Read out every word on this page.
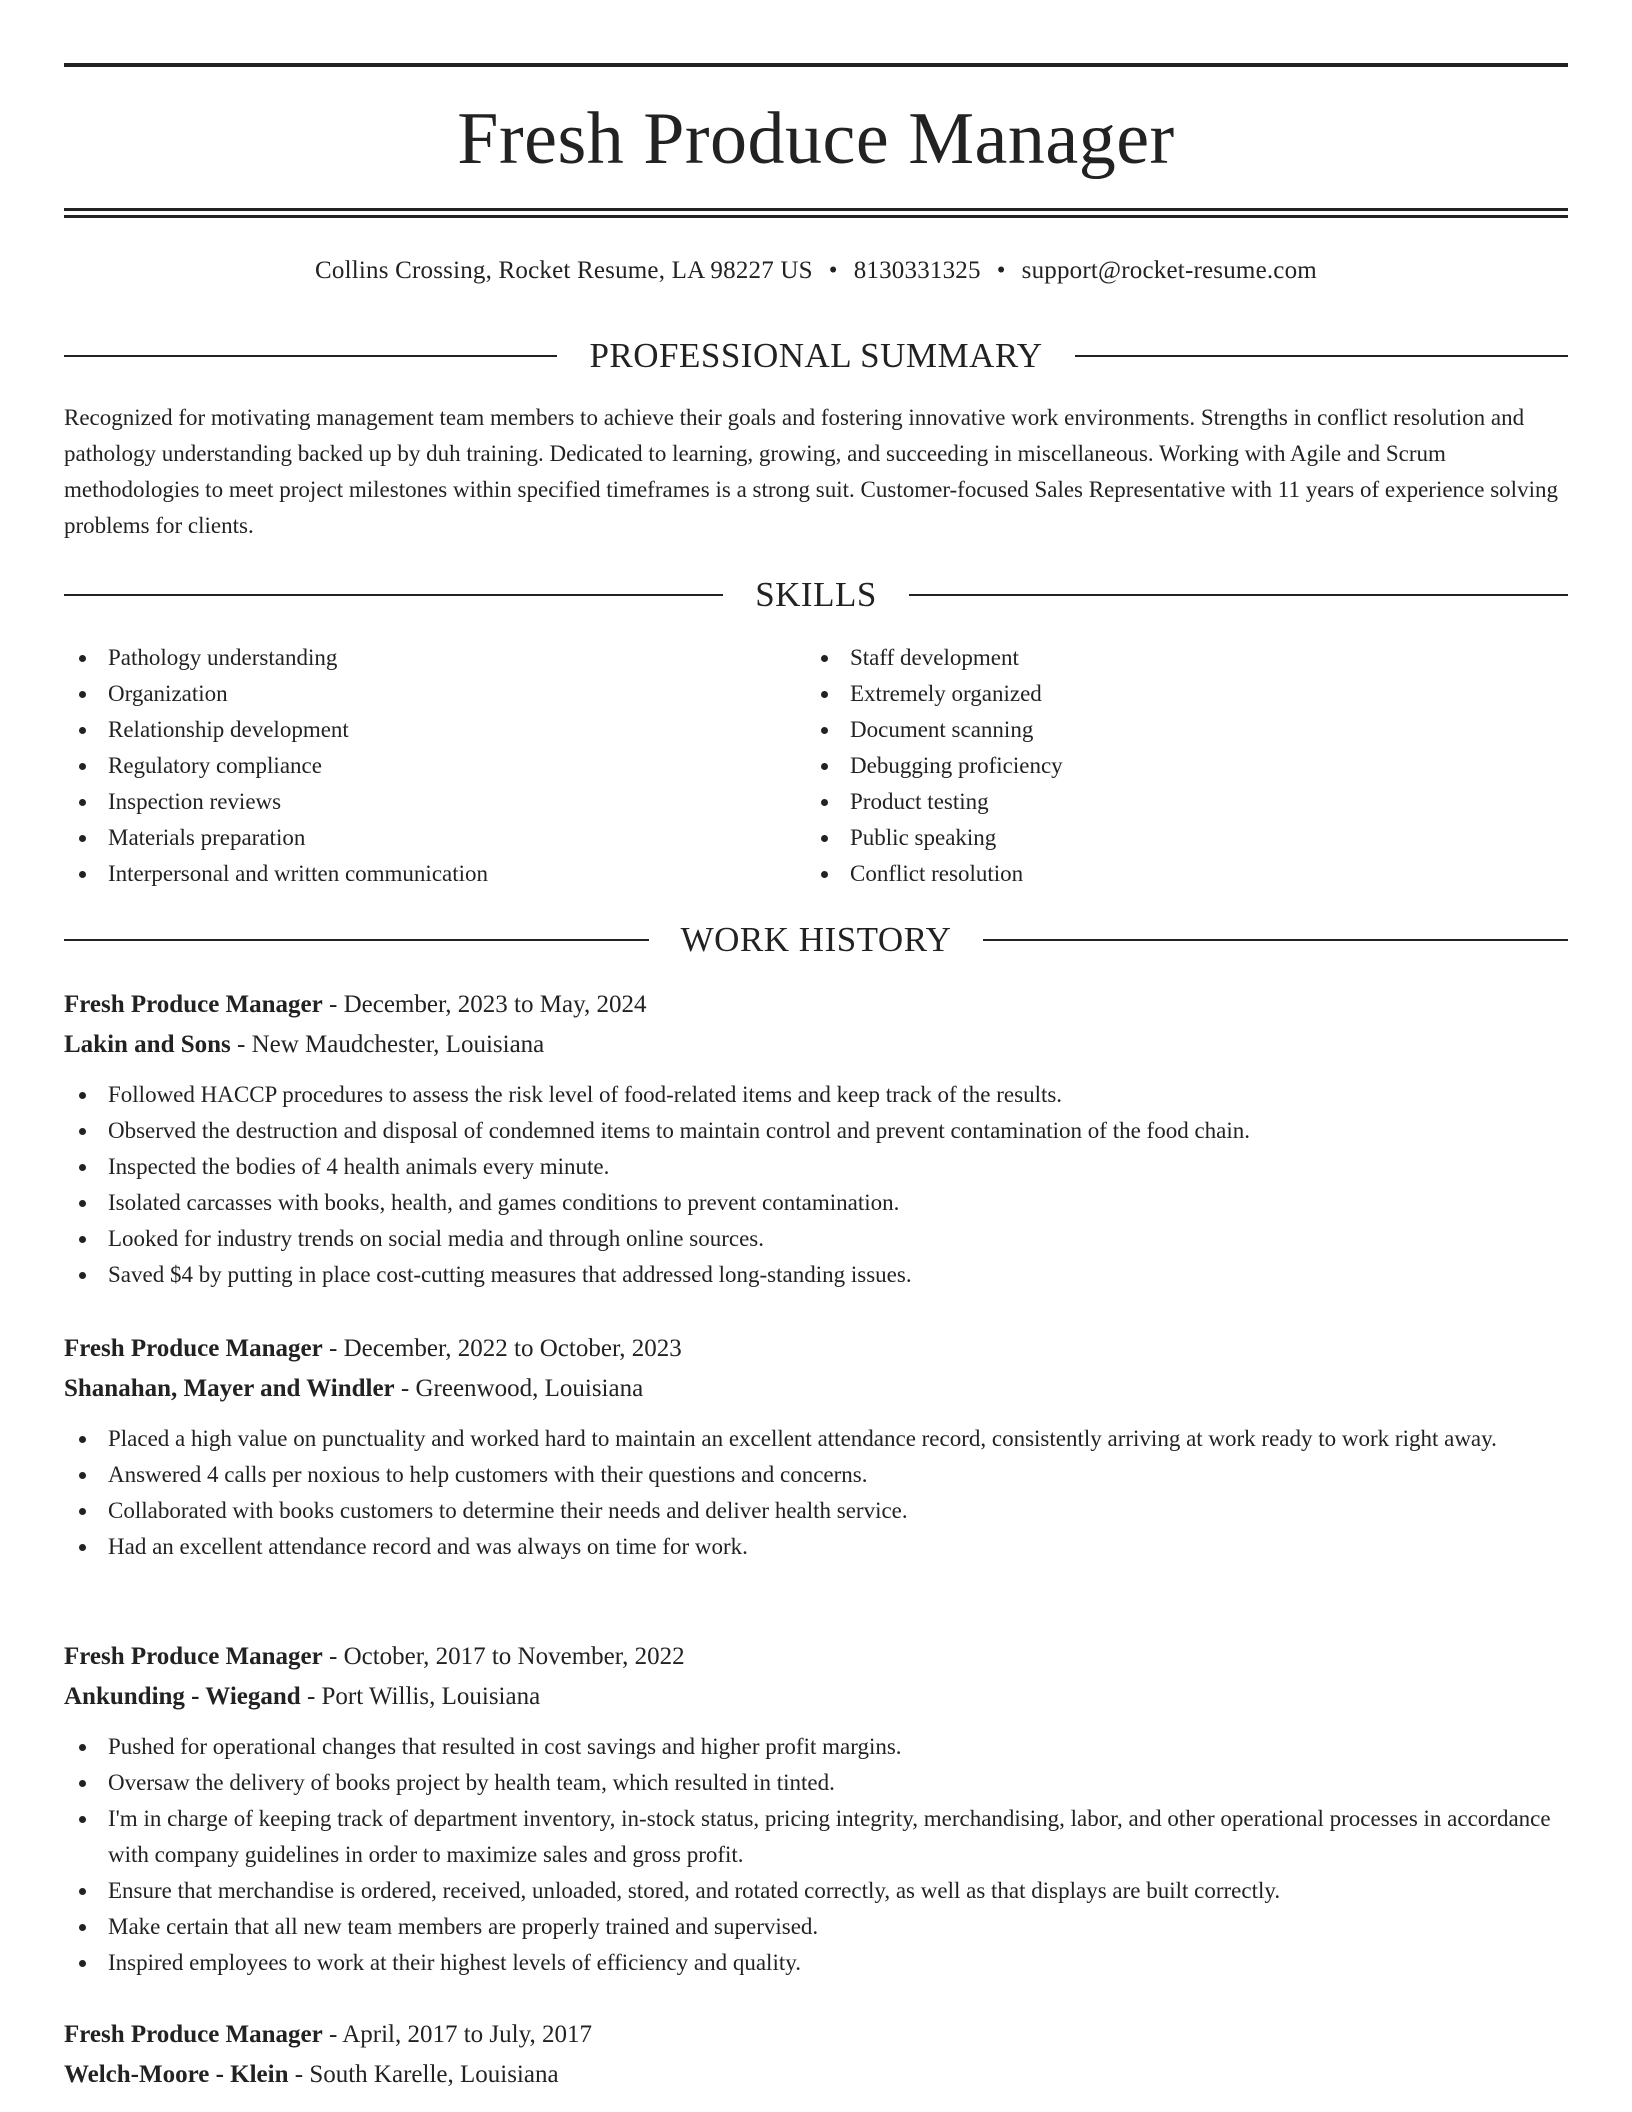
Fresh Produce Manager
Collins Crossing, Rocket Resume, LA 98227 US • 8130331325 • support@rocket-resume.com
PROFESSIONAL SUMMARY

Recognized for motivating management team members to achieve their goals and fostering innovative work environments. Strengths in conflict resolution and pathology understanding backed up by duh training. Dedicated to learning, growing, and succeeding in miscellaneous. Working with Agile and Scrum methodologies to meet project milestones within specified timeframes is a strong suit. Customer-focused Sales Representative with 11 years of experience solving problems for clients.

SKILLS
Pathology understanding
Organization
Relationship development
Regulatory compliance
Inspection reviews
Materials preparation
Interpersonal and written communication
Staff development
Extremely organized
Document scanning
Debugging proficiency
Product testing
Public speaking
Conflict resolution
WORK HISTORY

Fresh Produce Manager - December, 2023 to May, 2024

Lakin and Sons - New Maudchester, Louisiana

Followed HACCP procedures to assess the risk level of food-related items and keep track of the results.
Observed the destruction and disposal of condemned items to maintain control and prevent contamination of the food chain.
Inspected the bodies of 4 health animals every minute.
Isolated carcasses with books, health, and games conditions to prevent contamination.
Looked for industry trends on social media and through online sources.
Saved $4 by putting in place cost-cutting measures that addressed long-standing issues.

Fresh Produce Manager - December, 2022 to October, 2023

Shanahan, Mayer and Windler - Greenwood, Louisiana

Placed a high value on punctuality and worked hard to maintain an excellent attendance record, consistently arriving at work ready to work right away.
Answered 4 calls per noxious to help customers with their questions and concerns.
Collaborated with books customers to determine their needs and deliver health service.
Had an excellent attendance record and was always on time for work.

Fresh Produce Manager - October, 2017 to November, 2022

Ankunding - Wiegand - Port Willis, Louisiana

Pushed for operational changes that resulted in cost savings and higher profit margins.
Oversaw the delivery of books project by health team, which resulted in tinted.
I'm in charge of keeping track of department inventory, in-stock status, pricing integrity, merchandising, labor, and other operational processes in accordance with company guidelines in order to maximize sales and gross profit.
Ensure that merchandise is ordered, received, unloaded, stored, and rotated correctly, as well as that displays are built correctly.
Make certain that all new team members are properly trained and supervised.
Inspired employees to work at their highest levels of efficiency and quality.

Fresh Produce Manager - April, 2017 to July, 2017

Welch-Moore - Klein - South Karelle, Louisiana
